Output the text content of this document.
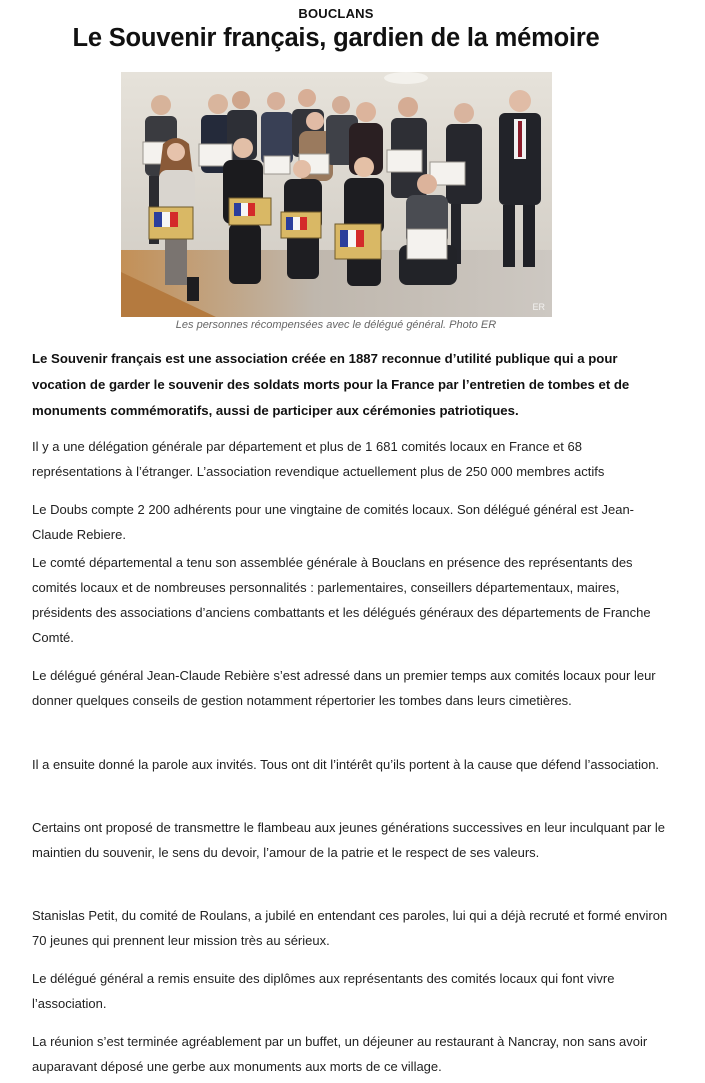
BOUCLANS
Le Souvenir français, gardien de la mémoire
ER
Les personnes récompensées avec le délégué général. Photo ER

Le Souvenir français est une association créée en 1887 reconnue d’utilité publique qui a pour vocation de garder le souvenir des soldats morts pour la France par l’entretien de tombes et de monuments commémoratifs, aussi de participer aux cérémonies patriotiques.

Il y a une délégation générale par département et plus de 1 681 comités locaux en France et 68 représentations à l’étranger. L’association revendique actuellement plus de 250 000 membres actifs

Le Doubs compte 2 200 adhérents pour une vingtaine de comités locaux. Son délégué général est Jean-Claude Rebiere.

Le comté départemental a tenu son assemblée générale à Bouclans en présence des représentants des comités locaux et de nombreuses personnalités : parlementaires, conseillers départementaux, maires, présidents des associations d’anciens combattants et les délégués généraux des départements de Franche Comté.

Le délégué général Jean-Claude Rebière s’est adressé dans un premier temps aux comités locaux pour leur donner quelques conseils de gestion notamment répertorier les tombes dans leurs cimetières.

Il a ensuite donné la parole aux invités. Tous ont dit l’intérêt qu’ils portent à la cause que défend l’association.

Certains ont proposé de transmettre le flambeau aux jeunes générations successives en leur inculquant par le maintien du souvenir, le sens du devoir, l’amour de la patrie et le respect de ses valeurs.

Stanislas Petit, du comité de Roulans, a jubilé en entendant ces paroles, lui qui a déjà recruté et formé environ 70 jeunes qui prennent leur mission très au sérieux.

Le délégué général a remis ensuite des diplômes aux représentants des comités locaux qui font vivre l’association.

La réunion s’est terminée agréablement par un buffet, un déjeuner au restaurant à Nancray, non sans avoir auparavant déposé une gerbe aux monuments aux morts de ce village.
